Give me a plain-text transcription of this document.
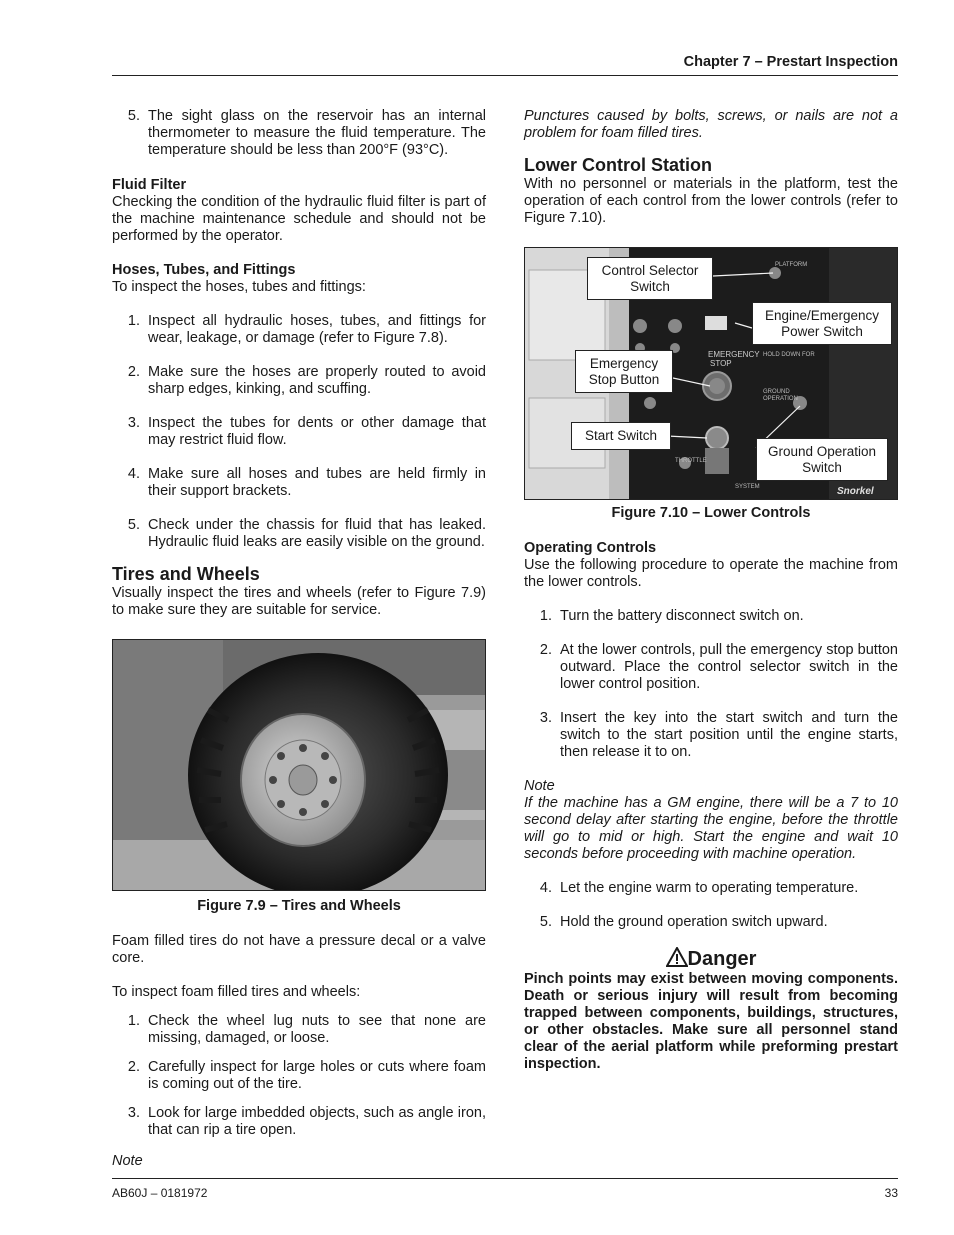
Chapter 7 – Prestart Inspection
AB60J – 0181972	33
5. The sight glass on the reservoir has an internal thermometer to measure the fluid temperature. The temperature should be less than 200°F (93°C).

Fluid Filter

Checking the condition of the hydraulic fluid filter is part of the machine maintenance schedule and should not be performed by the operator.

Hoses, Tubes, and Fittings

To inspect the hoses, tubes and fittings:

1. Inspect all hydraulic hoses, tubes, and fittings for wear, leakage, or damage (refer to Figure 7.8).
2. Make sure the hoses are properly routed to avoid sharp edges, kinking, and scuffing.
3. Inspect the tubes for dents or other damage that may restrict fluid flow.
4. Make sure all hoses and tubes are held firmly in their support brackets.
5. Check under the chassis for fluid that has leaked. Hydraulic fluid leaks are easily visible on the ground.

Tires and Wheels

Visually inspect the tires and wheels (refer to Figure 7.9) to make sure they are suitable for service.

Figure 7.9 – Tires and Wheels

Foam filled tires do not have a pressure decal or a valve core.

To inspect foam filled tires and wheels:

1. Check the wheel lug nuts to see that none are missing, damaged, or loose.
2. Carefully inspect for large holes or cuts where foam is coming out of the tire.
3. Look for large imbedded objects, such as angle iron, that can rip a tire open.

Note

Punctures caused by bolts, screws, or nails are not a problem for foam filled tires.

Lower Control Station

With no personnel or materials in the platform, test the operation of each control from the lower controls (refer to Figure 7.10).

PLATFORM
HOLD DOWN FOR
GROUND
OPERATION
THROTTLE
SYSTEM
EMERGENCY
STOP
Snorkel
Control Selector Switch
Engine/Emergency Power Switch
Emergency Stop Button
Start Switch
Ground Operation Switch

Figure 7.10 – Lower Controls

Operating Controls

Use the following procedure to operate the machine from the lower controls.

1. Turn the battery disconnect switch on.
2. At the lower controls, pull the emergency stop button outward. Place the control selector switch in the lower control position.
3. Insert the key into the start switch and turn the switch to the start position until the engine starts, then release it to on.

Note

If the machine has a GM engine, there will be a 7 to 10 second delay after starting the engine, before the throttle will go to mid or high. Start the engine and wait 10 seconds before proceeding with machine operation.

4. Let the engine warm to operating temperature.
5. Hold the ground operation switch upward.
Danger

Pinch points may exist between moving components. Death or serious injury will result from becoming trapped between components, buildings, structures, or other obstacles. Make sure all personnel stand clear of the aerial platform while preforming prestart inspection.
